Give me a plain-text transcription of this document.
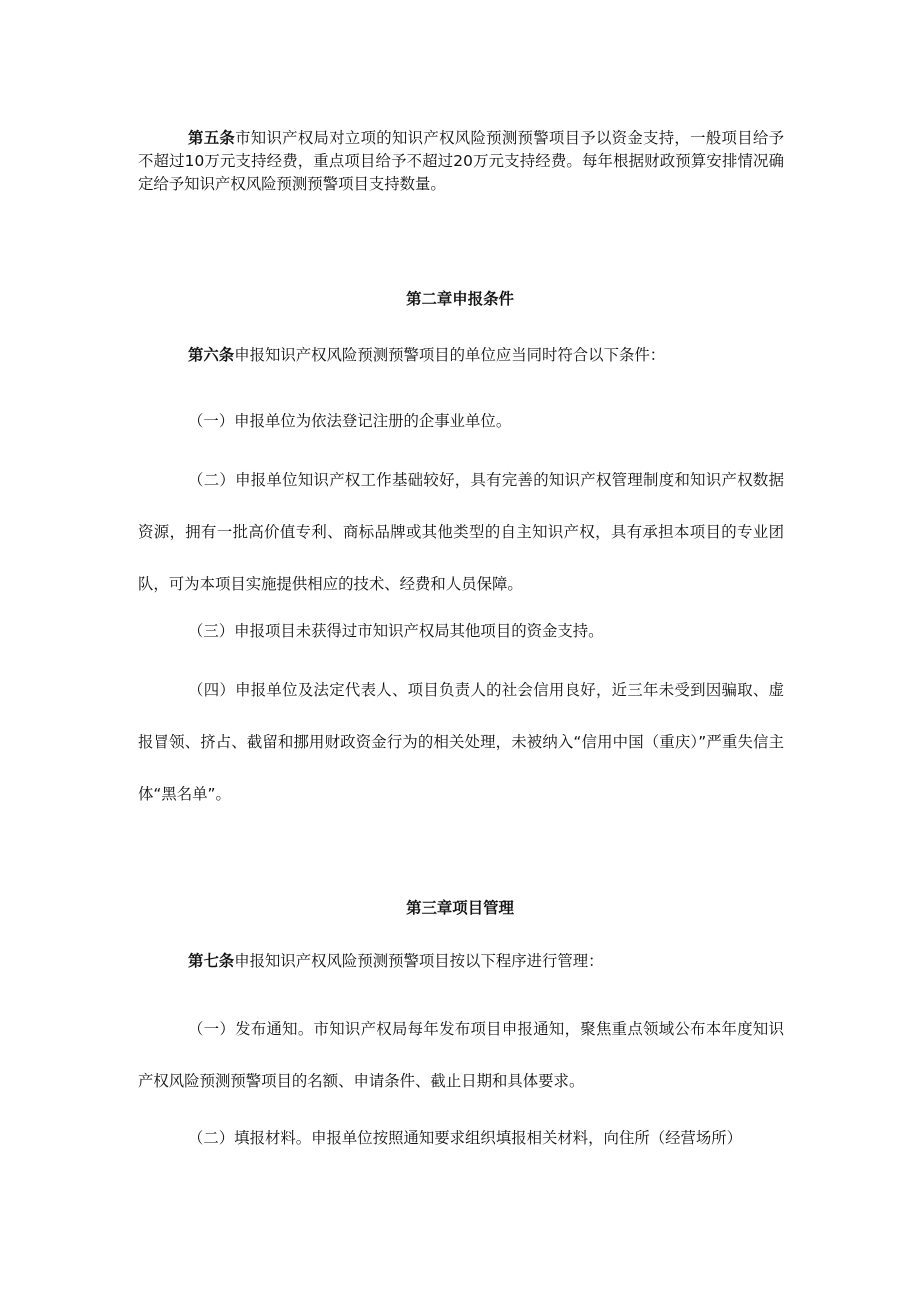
第五条市知识产权局对立项的知识产权风险预测预警项目予以资金支持，一般项目给予不超过10万元支持经费，重点项目给予不超过20万元支持经费。每年根据财政预算安排情况确定给予知识产权风险预测预警项目支持数量。

第二章申报条件

第六条申报知识产权风险预测预警项目的单位应当同时符合以下条件：

（一）申报单位为依法登记注册的企事业单位。

（二）申报单位知识产权工作基础较好，具有完善的知识产权管理制度和知识产权数据资源，拥有一批高价值专利、商标品牌或其他类型的自主知识产权，具有承担本项目的专业团队，可为本项目实施提供相应的技术、经费和人员保障。

（三）申报项目未获得过市知识产权局其他项目的资金支持。

（四）申报单位及法定代表人、项目负责人的社会信用良好，近三年未受到因骗取、虚报冒领、挤占、截留和挪用财政资金行为的相关处理，未被纳入“信用中国（重庆）”严重失信主体“黑名单”。

第三章项目管理

第七条申报知识产权风险预测预警项目按以下程序进行管理：

（一）发布通知。市知识产权局每年发布项目申报通知，聚焦重点领域公布本年度知识产权风险预测预警项目的名额、申请条件、截止日期和具体要求。

（二）填报材料。申报单位按照通知要求组织填报相关材料，向住所（经营场所）
